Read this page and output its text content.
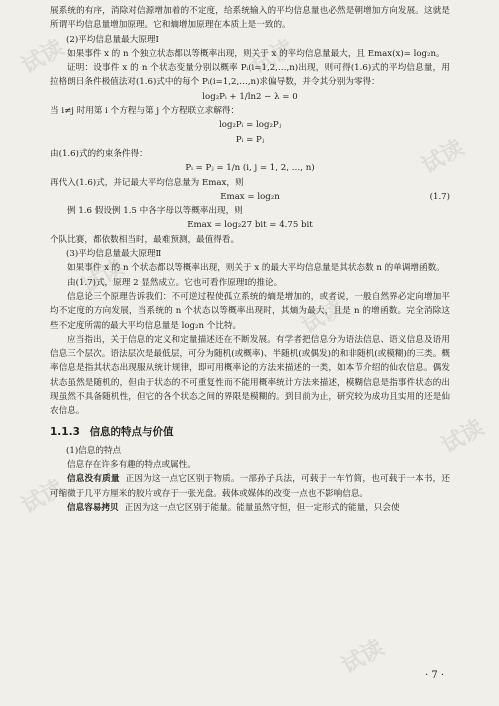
试读	试读
试读
试读
试读
试读
试读
试读

展系统的有序，消除对信源增加着的不定度，给系统输入的平均信息量也必然是朝增加方向发展。这就是所谓平均信息量增加原理。它和熵增加原理在本质上是一致的。

(2)平均信息量最大原理Ⅰ

如果事件 x 的 n 个独立状态都以等概率出现，则关于 x 的平均信息量最大，且 Emax(x)= log₂n。

证明：设事件 x 的 n 个状态变量分别以概率 Pᵢ(i=1,2,…,n)出现，则可得(1.6)式的平均信息量，用拉格朗日条件极值法对(1.6)式中的每个 Pᵢ(i=1,2,…,n)求偏导数，并令其分别为零得：

log₂Pᵢ + 1/ln2 − λ = 0

当 i≠j 时用第 i 个方程与第 j 个方程联立求解得：

log₂Pᵢ = log₂Pⱼ

Pᵢ = Pⱼ

由(1.6)式的约束条件得：

Pᵢ = Pⱼ = 1/n (i, j = 1, 2, …, n)

再代入(1.6)式，并记最大平均信息量为 Emax，则

Emax = log₂n	(1.7)

例 1.6 假设例 1.5 中各字母以等概率出现，则

Emax = log₂27 bit = 4.75 bit

个队比赛，都依数相当时，最难预测，最值得看。

(3)平均信息量最大原理Ⅱ

如果事件 x 的 n 个状态都以等概率出现，则关于 x 的最大平均信息量是其状态数 n 的单调增函数。

由(1.7)式，原理 2 显然成立。它也可看作原理Ⅰ的推论。

信息论三个原理告诉我们：不可逆过程使孤立系统的熵是增加的，或者说，一般自然界必定向增加平均不定度的方向发展，当系统的 n 个状态以等概率出现时，其熵为最大，且是 n 的增函数。完全消除这些不定度所需的最大平均信息量是 log₂n 个比特。

应当指出，关于信息的定义和定量描述还在不断发展。有学者把信息分为语法信息、语义信息及语用信息三个层次。语法层次是最低层，可分为随机(或概率)、半随机(或偶发)的和非随机(或模糊)的三类。概率信息是指其状态出现服从统计规律，即可用概率论的方法来描述的一类，如本节介绍的仙农信息。偶发状态虽然是随机的，但由于状态的不可重复性而不能用概率统计方法来描述，模糊信息是指事件状态的出现虽然不具备随机性，但它的各个状态之间的界限是模糊的。到目前为止，研究较为成功且实用的还是仙农信息。

1.1.3 信息的特点与价值

(1)信息的特点

信息存在许多有趣的特点或属性。

信息没有质量 正因为这一点它区别于物质。一部孙子兵法，可载于一车竹简，也可载于一本书，还可缩微于几平方厘米的胶片或存于一张光盘。载体或媒体的改变一点也不影响信息。

信息容易拷贝 正因为这一点它区别于能量。能量虽然守恒，但一定形式的能量，只会使

· 7 ·
